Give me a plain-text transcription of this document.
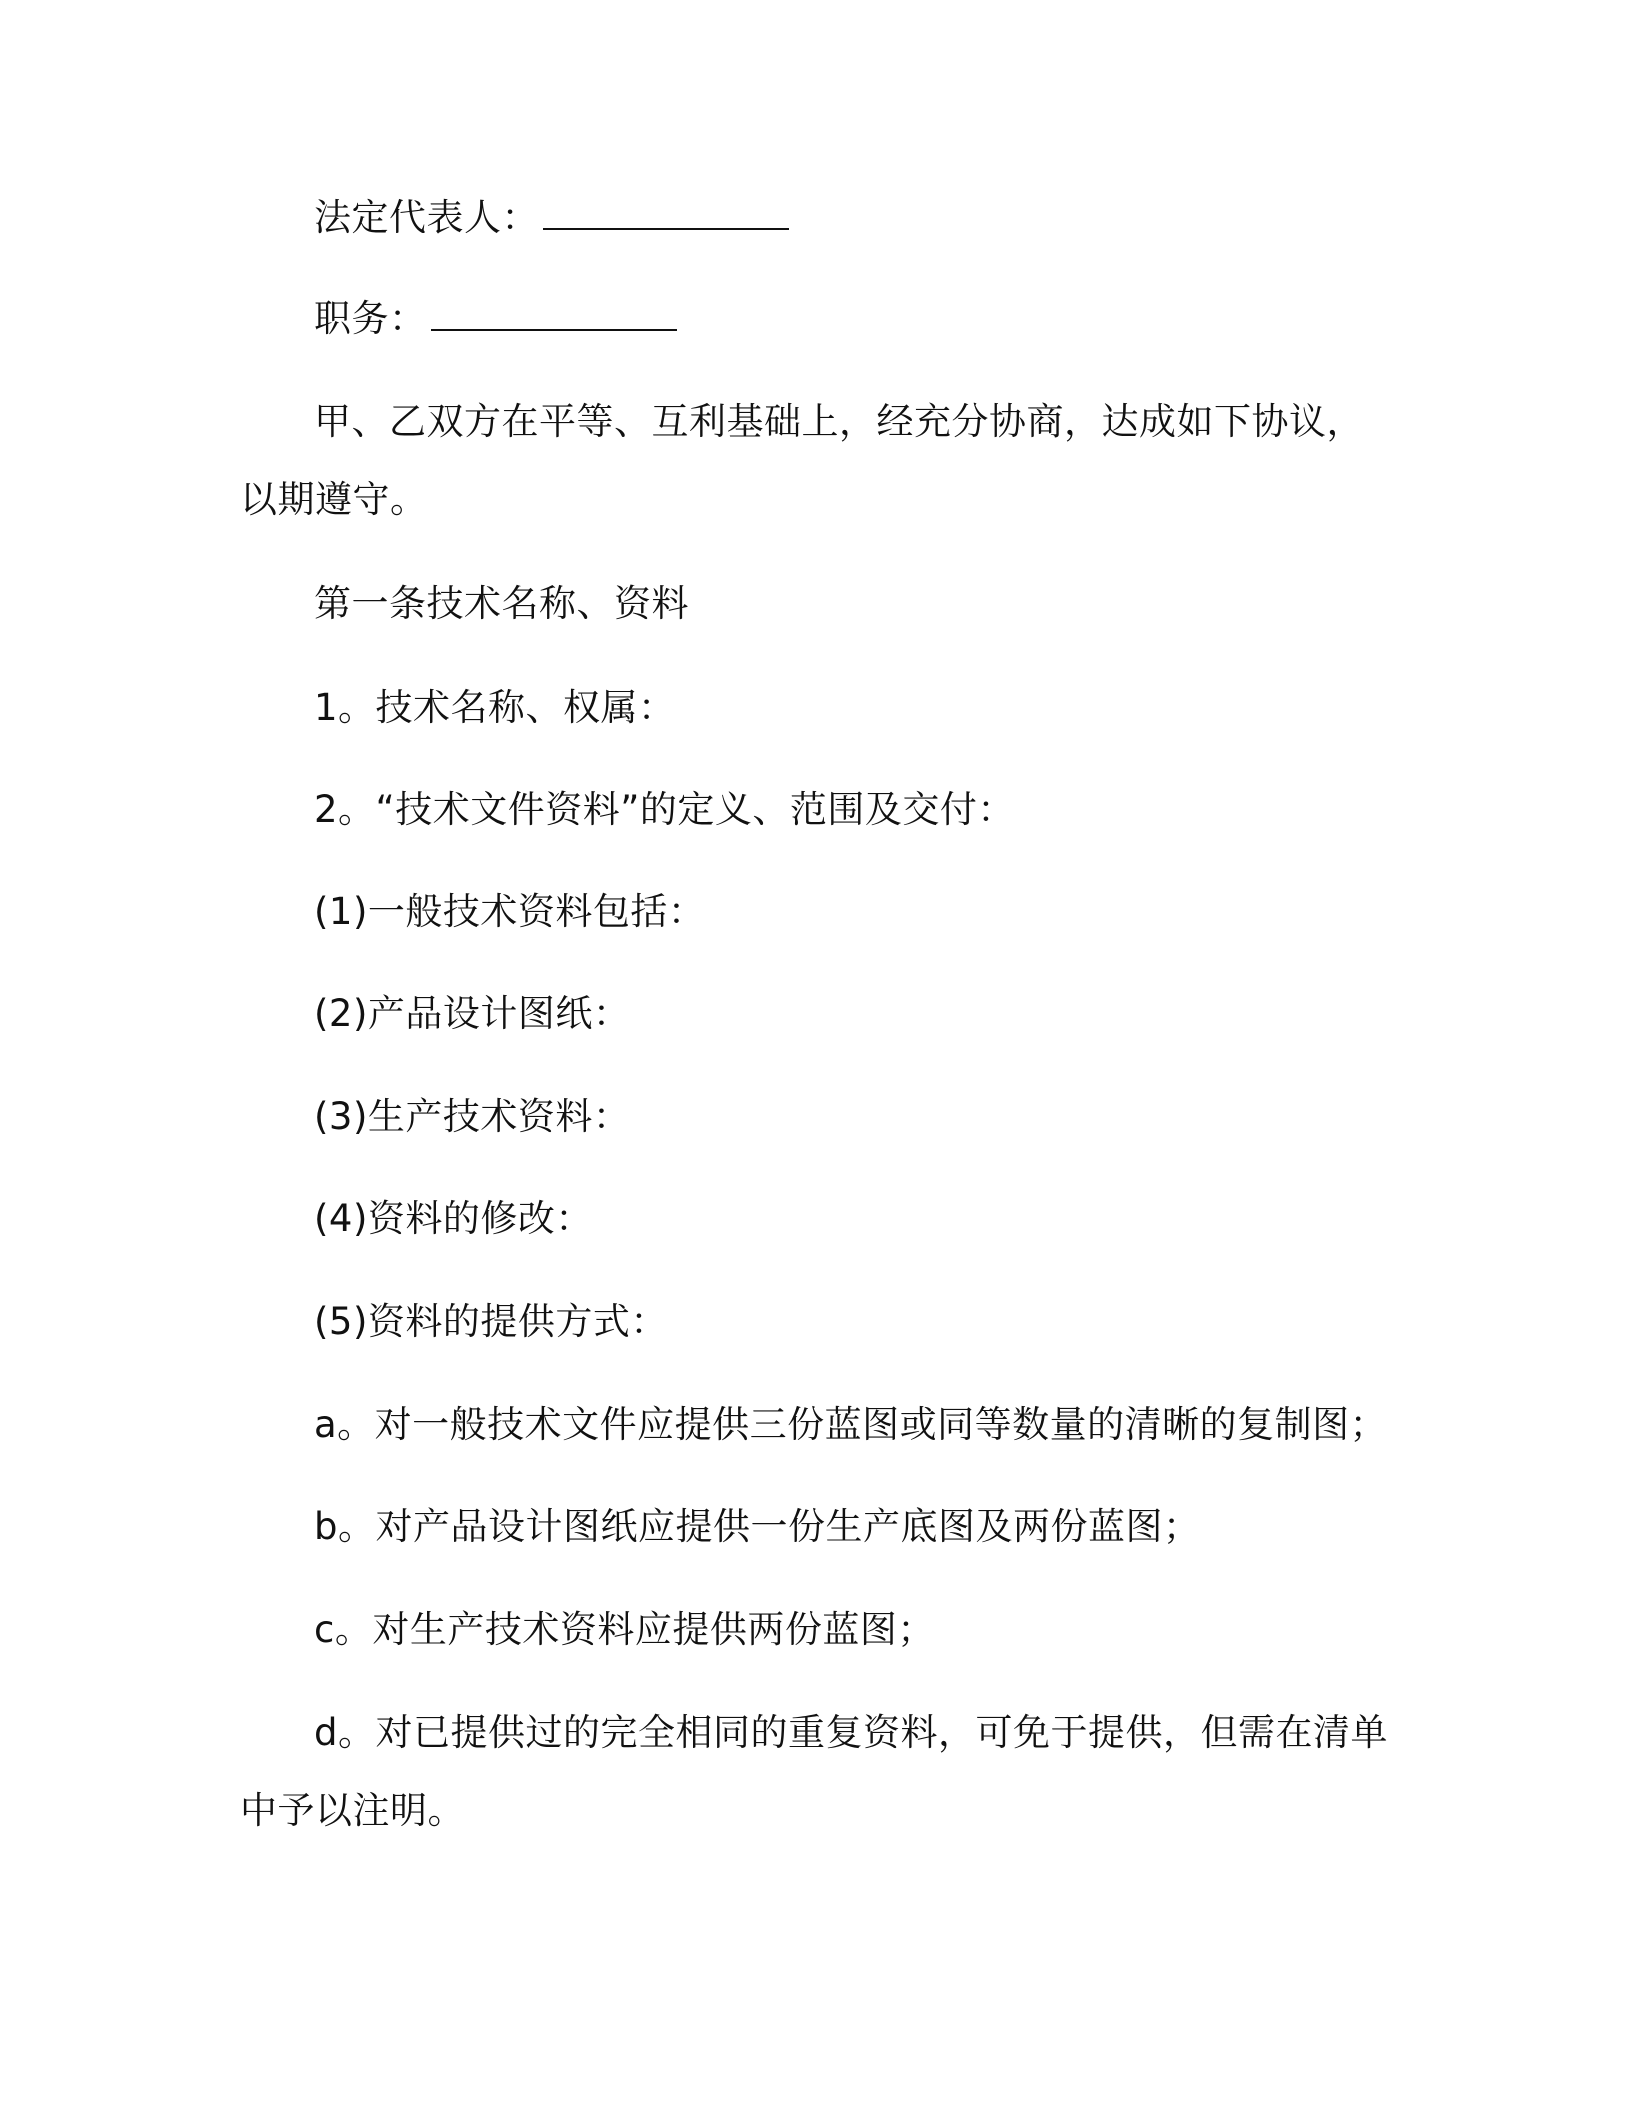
法定代表人：
职务：
甲、乙双方在平等、互利基础上，经充分协商，达成如下协议，
以期遵守。
第一条技术名称、资料
1。技术名称、权属：
2。“技术文件资料”的定义、范围及交付：
(1)一般技术资料包括：
(2)产品设计图纸：
(3)生产技术资料：
(4)资料的修改：
(5)资料的提供方式：
a。对一般技术文件应提供三份蓝图或同等数量的清晰的复制图；
b。对产品设计图纸应提供一份生产底图及两份蓝图；
c。对生产技术资料应提供两份蓝图；
d。对已提供过的完全相同的重复资料，可免于提供，但需在清单
中予以注明。
